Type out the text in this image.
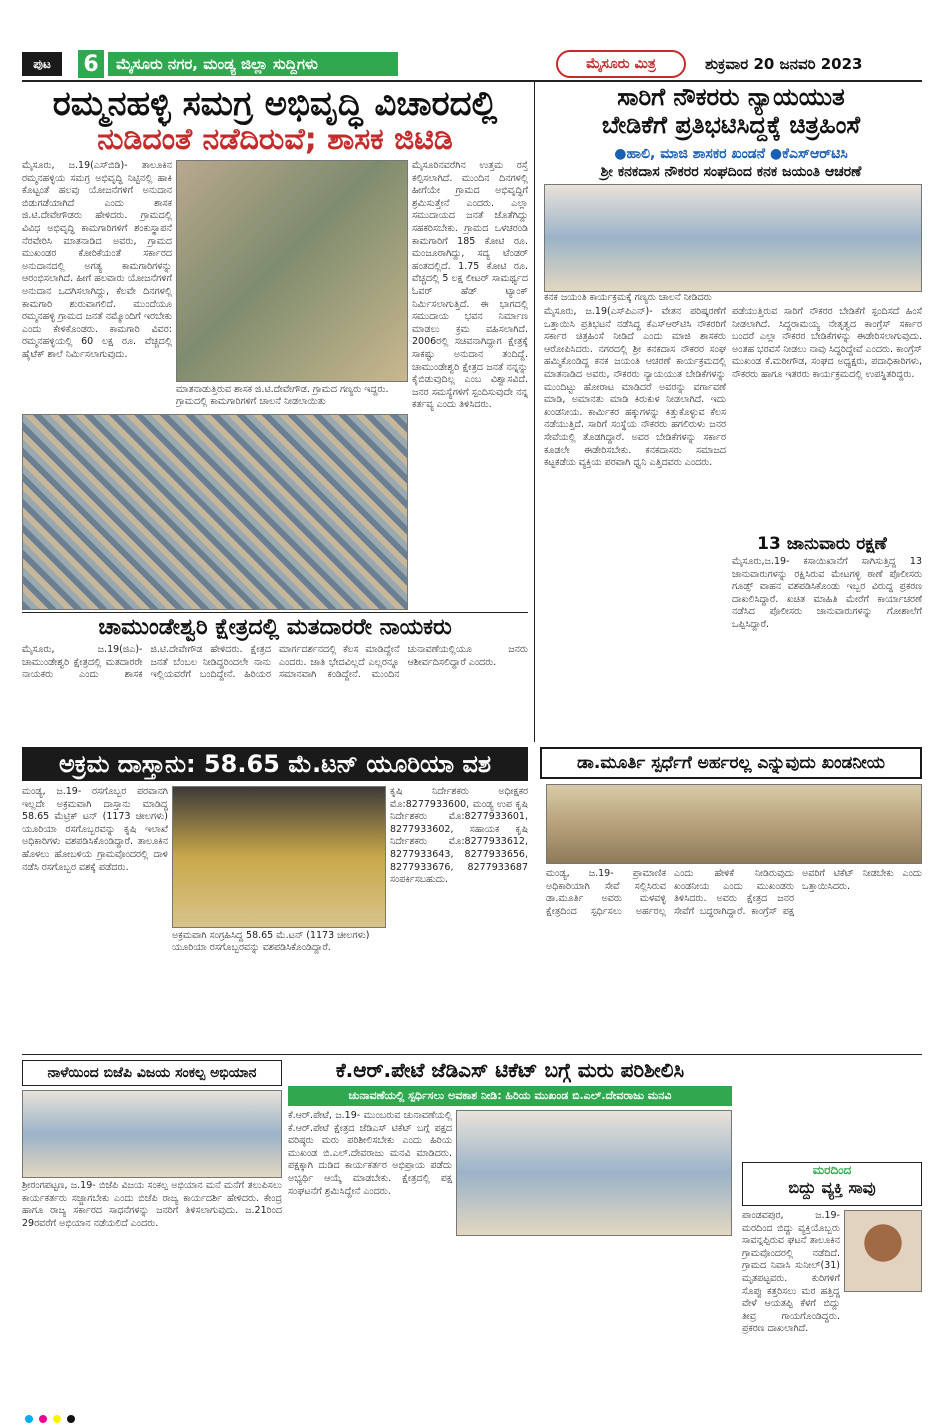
ಪುಟ	6	ಮೈಸೂರು ನಗರ, ಮಂಡ್ಯ ಜಿಲ್ಲಾ ಸುದ್ದಿಗಳು	ಮೈಸೂರು ಮಿತ್ರ	ಶುಕ್ರವಾರ 20 ಜನವರಿ 2023
ರಮ್ಮನಹಳ್ಳಿ ಸಮಗ್ರ ಅಭಿವೃದ್ಧಿ ವಿಚಾರದಲ್ಲಿ
ನುಡಿದಂತೆ ನಡೆದಿರುವೆ; ಶಾಸಕ ಜಿಟಿಡಿ
ಮೈಸೂರು, ಜ.19(ಎಸ್‌ಬಿಡಿ)- ತಾಲೂಕಿನ ರಮ್ಮನಹಳ್ಳಿಯ ಸಮಗ್ರ ಅಭಿವೃದ್ಧಿ ನಿಟ್ಟಿನಲ್ಲಿ ಹಾಕಿ ಕೊಟ್ಟಂತೆ ಹಲವು ಯೋಜನೆಗಳಿಗೆ ಅನುದಾನ ಬಿಡುಗಡೆಯಾಗಿದೆ ಎಂದು ಶಾಸಕ ಜಿ.ಟಿ.ದೇವೇಗೌಡರು ಹೇಳಿದರು. ಗ್ರಾಮದಲ್ಲಿ ವಿವಿಧ ಅಭಿವೃದ್ಧಿ ಕಾಮಗಾರಿಗಳಿಗೆ ಶಂಕುಸ್ಥಾಪನೆ ನೆರವೇರಿಸಿ ಮಾತನಾಡಿದ ಅವರು, ಗ್ರಾಮದ ಮುಖಂಡರ ಕೋರಿಕೆಯಂತೆ ಸರ್ಕಾರದ ಅನುದಾನದಲ್ಲಿ ಅಗತ್ಯ ಕಾಮಗಾರಿಗಳನ್ನು ಆರಂಭಿಸಲಾಗಿದೆ. ಹೀಗೆ ಹಲವಾರು ಯೋಜನೆಗಳಿಗೆ ಅನುದಾನ ಒದಗಿಸಲಾಗಿದ್ದು, ಕೆಲವೇ ದಿನಗಳಲ್ಲಿ ಕಾಮಗಾರಿ ಶುರುವಾಗಲಿದೆ. ಮುಂದೆಯೂ ರಮ್ಮನಹಳ್ಳಿ ಗ್ರಾಮದ ಜನತೆ ನಮ್ಮೊಂದಿಗೆ ಇರಬೇಕು ಎಂದು ಕೇಳಿಕೊಂಡರು. ಕಾಮಗಾರಿ ವಿವರ: ರಮ್ಮನಹಳ್ಳಿಯಲ್ಲಿ 60 ಲಕ್ಷ ರೂ. ವೆಚ್ಚದಲ್ಲಿ ಹೈಟೆಕ್ ಶಾಲೆ ನಿರ್ಮಿಸಲಾಗುವುದು.
ಮಾತನಾಡುತ್ತಿರುವ ಶಾಸಕ ಜಿ.ಟಿ.ದೇವೇಗೌಡ. ಗ್ರಾಮದ ಗಣ್ಯರು ಇದ್ದರು. ಗ್ರಾಮದಲ್ಲಿ ಕಾಮಗಾರಿಗಳಿಗೆ ಚಾಲನೆ ನೀಡಲಾಯಿತು
ಮೈಸೂರಿನವರೆಗಿನ ಉತ್ತಮ ರಸ್ತೆ ಕಲ್ಪಿಸಲಾಗಿದೆ. ಮುಂದಿನ ದಿನಗಳಲ್ಲಿ ಹೀಗೆಯೇ ಗ್ರಾಮದ ಅಭಿವೃದ್ಧಿಗೆ ಶ್ರಮಿಸುತ್ತೇನೆ ಎಂದರು. ಎಲ್ಲಾ ಸಮುದಾಯದ ಜನತೆ ಜೊತೆಗಿದ್ದು ಸಹಕರಿಸಬೇಕು. ಗ್ರಾಮದ ಒಳಚರಂಡಿ ಕಾಮಗಾರಿಗೆ 185 ಕೋಟಿ ರೂ. ಮಂಜೂರಾಗಿದ್ದು, ಸದ್ಯ ಟೆಂಡರ್ ಹಂತದಲ್ಲಿದೆ. 1.75 ಕೋಟಿ ರೂ. ವೆಚ್ಚದಲ್ಲಿ 5 ಲಕ್ಷ ಲೀಟರ್ ಸಾಮರ್ಥ್ಯದ ಓವರ್ ಹೆಡ್ ಟ್ಯಾಂಕ್ ನಿರ್ಮಿಸಲಾಗುತ್ತಿದೆ. ಈ ಭಾಗದಲ್ಲಿ ಸಮುದಾಯ ಭವನ ನಿರ್ಮಾಣ ಮಾಡಲು ಕ್ರಮ ವಹಿಸಲಾಗಿದೆ. 2006ರಲ್ಲಿ ಸಚಿವನಾಗಿದ್ದಾಗ ಕ್ಷೇತ್ರಕ್ಕೆ ಸಾಕಷ್ಟು ಅನುದಾನ ತಂದಿದ್ದೆ. ಚಾಮುಂಡೇಶ್ವರಿ ಕ್ಷೇತ್ರದ ಜನತೆ ನನ್ನನ್ನು ಕೈಬಿಡುವುದಿಲ್ಲ ಎಂಬ ವಿಶ್ವಾಸವಿದೆ. ಜನರ ಸಮಸ್ಯೆಗಳಿಗೆ ಸ್ಪಂದಿಸುವುದೇ ನನ್ನ ಕರ್ತವ್ಯ ಎಂದು ತಿಳಿಸಿದರು.
ಚಾಮುಂಡೇಶ್ವರಿ ಕ್ಷೇತ್ರದಲ್ಲಿ ಮತದಾರರೇ ನಾಯಕರು
ಮೈಸೂರು, ಜ.19(ಜಿಎ)- ಚಾಮುಂಡೇಶ್ವರಿ ಕ್ಷೇತ್ರದಲ್ಲಿ ಮತದಾರರೇ ನಾಯಕರು ಎಂದು ಶಾಸಕ ಜಿ.ಟಿ.ದೇವೇಗೌಡ ಹೇಳಿದರು. ಕ್ಷೇತ್ರದ ಜನತೆ ಬೆಂಬಲ ನೀಡಿದ್ದರಿಂದಲೇ ನಾನು ಇಲ್ಲಿಯವರೆಗೆ ಬಂದಿದ್ದೇನೆ. ಹಿರಿಯರ ಮಾರ್ಗದರ್ಶನದಲ್ಲಿ ಕೆಲಸ ಮಾಡಿದ್ದೇನೆ ಎಂದರು. ಜಾತಿ ಭೇದವಿಲ್ಲದೆ ಎಲ್ಲರನ್ನೂ ಸಮಾನವಾಗಿ ಕಂಡಿದ್ದೇನೆ. ಮುಂದಿನ ಚುನಾವಣೆಯಲ್ಲಿಯೂ ಜನರು ಆಶೀರ್ವದಿಸಲಿದ್ದಾರೆ ಎಂದರು.
ಸಾರಿಗೆ ನೌಕರರು ನ್ಯಾಯಯುತ
ಬೇಡಿಕೆಗೆ ಪ್ರತಿಭಟಿಸಿದ್ದಕ್ಕೆ ಚಿತ್ರಹಿಂಸೆ
●ಹಾಲಿ, ಮಾಜಿ ಶಾಸಕರ ಖಂಡನೆ ●ಕೆಎಸ್‌ಆರ್‌ಟಿಸಿ
ಶ್ರೀ ಕನಕದಾಸ ನೌಕರರ ಸಂಘದಿಂದ ಕನಕ ಜಯಂತಿ ಆಚರಣೆ
ಕನಕ ಜಯಂತಿ ಕಾರ್ಯಕ್ರಮಕ್ಕೆ ಗಣ್ಯರು ಚಾಲನೆ ನೀಡಿದರು
ಮೈಸೂರು, ಜ.19(ಎಸ್‌ಪಿಎನ್)- ವೇತನ ಪರಿಷ್ಕರಣೆಗೆ ಒತ್ತಾಯಿಸಿ ಪ್ರತಿಭಟನೆ ನಡೆಸಿದ್ದ ಕೆಎಸ್‌ಆರ್‌ಟಿಸಿ ನೌಕರರಿಗೆ ಸರ್ಕಾರ ಚಿತ್ರಹಿಂಸೆ ನೀಡಿದೆ ಎಂದು ಮಾಜಿ ಶಾಸಕರು ಆರೋಪಿಸಿದರು. ನಗರದಲ್ಲಿ ಶ್ರೀ ಕನಕದಾಸ ನೌಕರರ ಸಂಘ ಹಮ್ಮಿಕೊಂಡಿದ್ದ ಕನಕ ಜಯಂತಿ ಆಚರಣೆ ಕಾರ್ಯಕ್ರಮದಲ್ಲಿ ಮಾತನಾಡಿದ ಅವರು, ನೌಕರರು ನ್ಯಾಯಯುತ ಬೇಡಿಕೆಗಳನ್ನು ಮುಂದಿಟ್ಟು ಹೋರಾಟ ಮಾಡಿದರೆ ಅವರನ್ನು ವರ್ಗಾವಣೆ ಮಾಡಿ, ಅಮಾನತು ಮಾಡಿ ಕಿರುಕುಳ ನೀಡಲಾಗಿದೆ. ಇದು ಖಂಡನೀಯ. ಕಾರ್ಮಿಕರ ಹಕ್ಕುಗಳನ್ನು ಕಿತ್ತುಕೊಳ್ಳುವ ಕೆಲಸ ನಡೆಯುತ್ತಿದೆ. ಸಾರಿಗೆ ಸಂಸ್ಥೆಯ ನೌಕರರು ಹಗಲಿರುಳು ಜನರ ಸೇವೆಯಲ್ಲಿ ತೊಡಗಿದ್ದಾರೆ. ಅವರ ಬೇಡಿಕೆಗಳನ್ನು ಸರ್ಕಾರ ಕೂಡಲೇ ಈಡೇರಿಸಬೇಕು. ಕನಕದಾಸರು ಸಮಾಜದ ಕಟ್ಟಕಡೆಯ ವ್ಯಕ್ತಿಯ ಪರವಾಗಿ ಧ್ವನಿ ಎತ್ತಿದವರು ಎಂದರು.
ಪಡೆಯುತ್ತಿರುವ ಸಾರಿಗೆ ನೌಕರರ ಬೇಡಿಕೆಗೆ ಸ್ಪಂದಿಸದೆ ಹಿಂಸೆ ನೀಡಲಾಗಿದೆ. ಸಿದ್ದರಾಮಯ್ಯ ನೇತೃತ್ವದ ಕಾಂಗ್ರೆಸ್ ಸರ್ಕಾರ ಬಂದರೆ ಎಲ್ಲಾ ನೌಕರರ ಬೇಡಿಕೆಗಳನ್ನು ಈಡೇರಿಸಲಾಗುವುದು. ಅಂತಹ ಭರವಸೆ ನೀಡಲು ನಾವು ಸಿದ್ಧರಿದ್ದೇವೆ ಎಂದರು. ಕಾಂಗ್ರೆಸ್ ಮುಖಂಡ ಕೆ.ಮರೀಗೌಡ, ಸಂಘದ ಅಧ್ಯಕ್ಷರು, ಪದಾಧಿಕಾರಿಗಳು, ನೌಕರರು ಹಾಗೂ ಇತರರು ಕಾರ್ಯಕ್ರಮದಲ್ಲಿ ಉಪಸ್ಥಿತರಿದ್ದರು.
13 ಜಾನುವಾರು ರಕ್ಷಣೆ
ಮೈಸೂರು,ಜ.19- ಕಸಾಯಿಖಾನೆಗೆ ಸಾಗಿಸುತ್ತಿದ್ದ 13 ಜಾನುವಾರುಗಳನ್ನು ರಕ್ಷಿಸಿರುವ ಮೇಟಗಳ್ಳಿ ಠಾಣೆ ಪೊಲೀಸರು ಗೂಡ್ಸ್ ವಾಹನ ವಶಪಡಿಸಿಕೊಂಡು ಇಬ್ಬರ ವಿರುದ್ಧ ಪ್ರಕರಣ ದಾಖಲಿಸಿದ್ದಾರೆ. ಖಚಿತ ಮಾಹಿತಿ ಮೇರೆಗೆ ಕಾರ್ಯಾಚರಣೆ ನಡೆಸಿದ ಪೊಲೀಸರು ಜಾನುವಾರುಗಳನ್ನು ಗೋಶಾಲೆಗೆ ಒಪ್ಪಿಸಿದ್ದಾರೆ.
ಅಕ್ರಮ ದಾಸ್ತಾನು: 58.65 ಮೆ.ಟನ್ ಯೂರಿಯಾ ವಶ
ಮಂಡ್ಯ, ಜ.19- ರಸಗೊಬ್ಬರ ಪರವಾನಗಿ ಇಲ್ಲದೇ ಅಕ್ರಮವಾಗಿ ದಾಸ್ತಾನು ಮಾಡಿದ್ದ 58.65 ಮೆಟ್ರಿಕ್ ಟನ್ (1173 ಚೀಲಗಳು) ಯೂರಿಯಾ ರಸಗೊಬ್ಬರವನ್ನು ಕೃಷಿ ಇಲಾಖೆ ಅಧಿಕಾರಿಗಳು ವಶಪಡಿಸಿಕೊಂಡಿದ್ದಾರೆ. ತಾಲೂಕಿನ ಹೊಳಲು ಹೋಬಳಿಯ ಗ್ರಾಮವೊಂದರಲ್ಲಿ ದಾಳಿ ನಡೆಸಿ ರಸಗೊಬ್ಬರ ವಶಕ್ಕೆ ಪಡೆದರು.
ಅಕ್ರಮವಾಗಿ ಸಂಗ್ರಹಿಸಿದ್ದ 58.65 ಮೆ.ಟನ್ (1173 ಚೀಲಗಳು) ಯೂರಿಯಾ ರಸಗೊಬ್ಬರವನ್ನು ವಶಪಡಿಸಿಕೊಂಡಿದ್ದಾರೆ.
ಕೃಷಿ ನಿರ್ದೇಶಕರು ಅಧೀಕ್ಷಕರ ಮೊ:8277933600, ಮಂಡ್ಯ ಉಪ ಕೃಷಿ ನಿರ್ದೇಶಕರು ಮೊ:8277933601, 8277933602, ಸಹಾಯಕ ಕೃಷಿ ನಿರ್ದೇಶಕರು ಮೊ:8277933612, 8277933643, 8277933656, 8277933676, 8277933687 ಸಂಪರ್ಕಿಸಬಹುದು.
ಡಾ.ಮೂರ್ತಿ ಸ್ಪರ್ಧೆಗೆ ಅರ್ಹರಲ್ಲ ಎನ್ನುವುದು ಖಂಡನೀಯ
ಮಂಡ್ಯ, ಜ.19- ಪ್ರಾಮಾಣಿಕ ಅಧಿಕಾರಿಯಾಗಿ ಸೇವೆ ಸಲ್ಲಿಸಿರುವ ಡಾ.ಮೂರ್ತಿ ಅವರು ಮಳವಳ್ಳಿ ಕ್ಷೇತ್ರದಿಂದ ಸ್ಪರ್ಧಿಸಲು ಅರ್ಹರಲ್ಲ ಎಂದು ಹೇಳಿಕೆ ನೀಡಿರುವುದು ಖಂಡನೀಯ ಎಂದು ಮುಖಂಡರು ತಿಳಿಸಿದರು. ಅವರು ಕ್ಷೇತ್ರದ ಜನರ ಸೇವೆಗೆ ಬದ್ಧರಾಗಿದ್ದಾರೆ. ಕಾಂಗ್ರೆಸ್ ಪಕ್ಷ ಅವರಿಗೆ ಟಿಕೆಟ್ ನೀಡಬೇಕು ಎಂದು ಒತ್ತಾಯಿಸಿದರು.
ನಾಳೆಯಿಂದ ಬಿಜೆಪಿ ವಿಜಯ ಸಂಕಲ್ಪ ಅಭಿಯಾನ
ಶ್ರೀರಂಗಪಟ್ಟಣ, ಜ.19- ಬಿಜೆಪಿ ವಿಜಯ ಸಂಕಲ್ಪ ಅಭಿಯಾನ ಮನೆ ಮನೆಗೆ ತಲುಪಿಸಲು ಕಾರ್ಯಕರ್ತರು ಸಜ್ಜಾಗಬೇಕು ಎಂದು ಬಿಜೆಪಿ ರಾಜ್ಯ ಕಾರ್ಯದರ್ಶಿ ಹೇಳಿದರು. ಕೇಂದ್ರ ಹಾಗೂ ರಾಜ್ಯ ಸರ್ಕಾರದ ಸಾಧನೆಗಳನ್ನು ಜನರಿಗೆ ತಿಳಿಸಲಾಗುವುದು. ಜ.21ರಿಂದ 29ರವರೆಗೆ ಅಭಿಯಾನ ನಡೆಯಲಿದೆ ಎಂದರು.
ಕೆ.ಆರ್.ಪೇಟೆ ಜೆಡಿಎಸ್ ಟಿಕೆಟ್ ಬಗ್ಗೆ ಮರು ಪರಿಶೀಲಿಸಿ
ಚುನಾವಣೆಯಲ್ಲಿ ಸ್ಪರ್ಧಿಸಲು ಅವಕಾಶ ನೀಡಿ: ಹಿರಿಯ ಮುಖಂಡ ಬಿ.ಎಲ್.ದೇವರಾಜು ಮನವಿ
ಕೆ.ಆರ್.ಪೇಟೆ, ಜ.19- ಮುಂಬರುವ ಚುನಾವಣೆಯಲ್ಲಿ ಕೆ.ಆರ್.ಪೇಟೆ ಕ್ಷೇತ್ರದ ಜೆಡಿಎಸ್ ಟಿಕೆಟ್ ಬಗ್ಗೆ ಪಕ್ಷದ ವರಿಷ್ಠರು ಮರು ಪರಿಶೀಲಿಸಬೇಕು ಎಂದು ಹಿರಿಯ ಮುಖಂಡ ಬಿ.ಎಲ್.ದೇವರಾಜು ಮನವಿ ಮಾಡಿದರು. ಪಕ್ಷಕ್ಕಾಗಿ ದುಡಿದ ಕಾರ್ಯಕರ್ತರ ಅಭಿಪ್ರಾಯ ಪಡೆದು ಅಭ್ಯರ್ಥಿ ಆಯ್ಕೆ ಮಾಡಬೇಕು. ಕ್ಷೇತ್ರದಲ್ಲಿ ಪಕ್ಷ ಸಂಘಟನೆಗೆ ಶ್ರಮಿಸಿದ್ದೇನೆ ಎಂದರು.
ಮರದಿಂದ
ಬಿದ್ದು ವ್ಯಕ್ತಿ ಸಾವು
ಪಾಂಡವಪುರ, ಜ.19- ಮರದಿಂದ ಬಿದ್ದು ವ್ಯಕ್ತಿಯೊಬ್ಬರು ಸಾವನ್ನಪ್ಪಿರುವ ಘಟನೆ ತಾಲೂಕಿನ ಗ್ರಾಮವೊಂದರಲ್ಲಿ ನಡೆದಿದೆ. ಗ್ರಾಮದ ನಿವಾಸಿ ಸುನೀಲ್(31) ಮೃತಪಟ್ಟವರು. ಕುರಿಗಳಿಗೆ ಸೊಪ್ಪು ಕತ್ತರಿಸಲು ಮರ ಹತ್ತಿದ್ದ ವೇಳೆ ಆಯತಪ್ಪಿ ಕೆಳಗೆ ಬಿದ್ದು ತೀವ್ರ ಗಾಯಗೊಂಡಿದ್ದರು. ಪ್ರಕರಣ ದಾಖಲಾಗಿದೆ.
